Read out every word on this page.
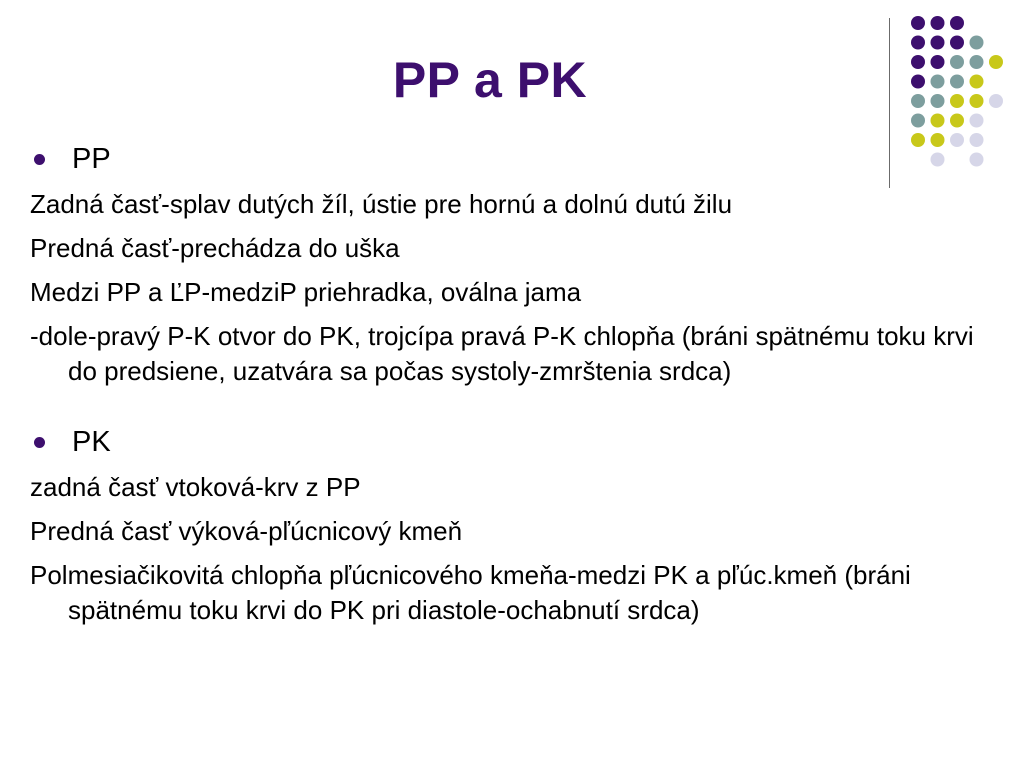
PP a PK
PP

Zadná časť-splav dutých žíl, ústie pre hornú a dolnú dutú žilu

Predná časť-prechádza do uška

Medzi PP a ĽP-medziP priehradka, oválna jama

-dole-pravý P-K otvor do PK, trojcípa pravá P-K chlopňa (bráni spätnému toku krvi do predsiene, uzatvára sa počas systoly-zmrštenia srdca)

PK

zadná časť vtoková-krv z PP

Predná časť výková-pľúcnicový kmeň

Polmesiačikovitá chlopňa pľúcnicového kmeňa-medzi PK a pľúc.kmeň (bráni spätnému toku krvi do PK pri diastole-ochabnutí srdca)
